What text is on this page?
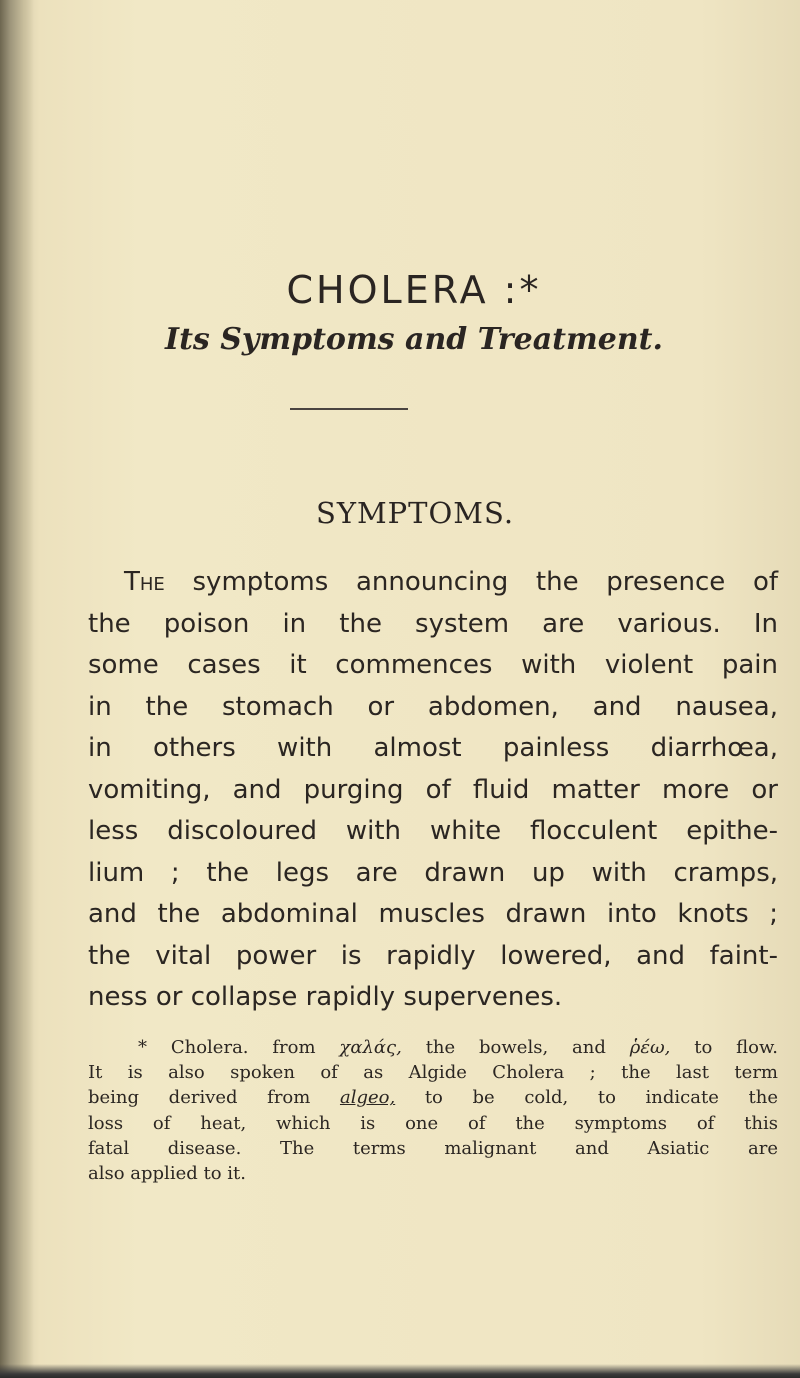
CHOLERA :*
Its Symptoms and Treatment.
SYMPTOMS.
The symptoms announcing the presence of
the poison in the system are various. In
some cases it commences with violent pain
in the stomach or abdomen, and nausea,
in others with almost painless diarrhœa,
vomiting, and purging of fluid matter more or
less discoloured with white flocculent epithe-
lium ; the legs are drawn up with cramps,
and the abdominal muscles drawn into knots ;
the vital power is rapidly lowered, and faint-
ness or collapse rapidly supervenes.
* Cholera. from χαλάς, the bowels, and ῥέω, to flow.
It is also spoken of as Algide Cholera ; the last term
being derived from algeo, to be cold, to indicate the
loss of heat, which is one of the symptoms of this
fatal disease. The terms malignant and Asiatic are
also applied to it.
